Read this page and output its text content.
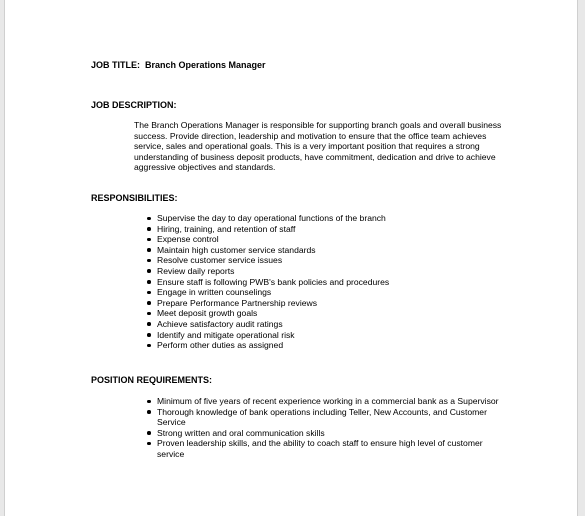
JOB TITLE: Branch Operations Manager
JOB DESCRIPTION:
The Branch Operations Manager is responsible for supporting branch goals and overall business
success. Provide direction, leadership and motivation to ensure that the office team achieves
service, sales and operational goals. This is a very important position that requires a strong
understanding of business deposit products, have commitment, dedication and drive to achieve
aggressive objectives and standards.
RESPONSIBILITIES:
Supervise the day to day operational functions of the branch
Hiring, training, and retention of staff
Expense control
Maintain high customer service standards
Resolve customer service issues
Review daily reports
Ensure staff is following PWB's bank policies and procedures
Engage in written counselings
Prepare Performance Partnership reviews
Meet deposit growth goals
Achieve satisfactory audit ratings
Identify and mitigate operational risk
Perform other duties as assigned
POSITION REQUIREMENTS:
Minimum of five years of recent experience working in a commercial bank as a Supervisor
Thorough knowledge of bank operations including Teller, New Accounts, and Customer
Service
Strong written and oral communication skills
Proven leadership skills, and the ability to coach staff to ensure high level of customer
service
